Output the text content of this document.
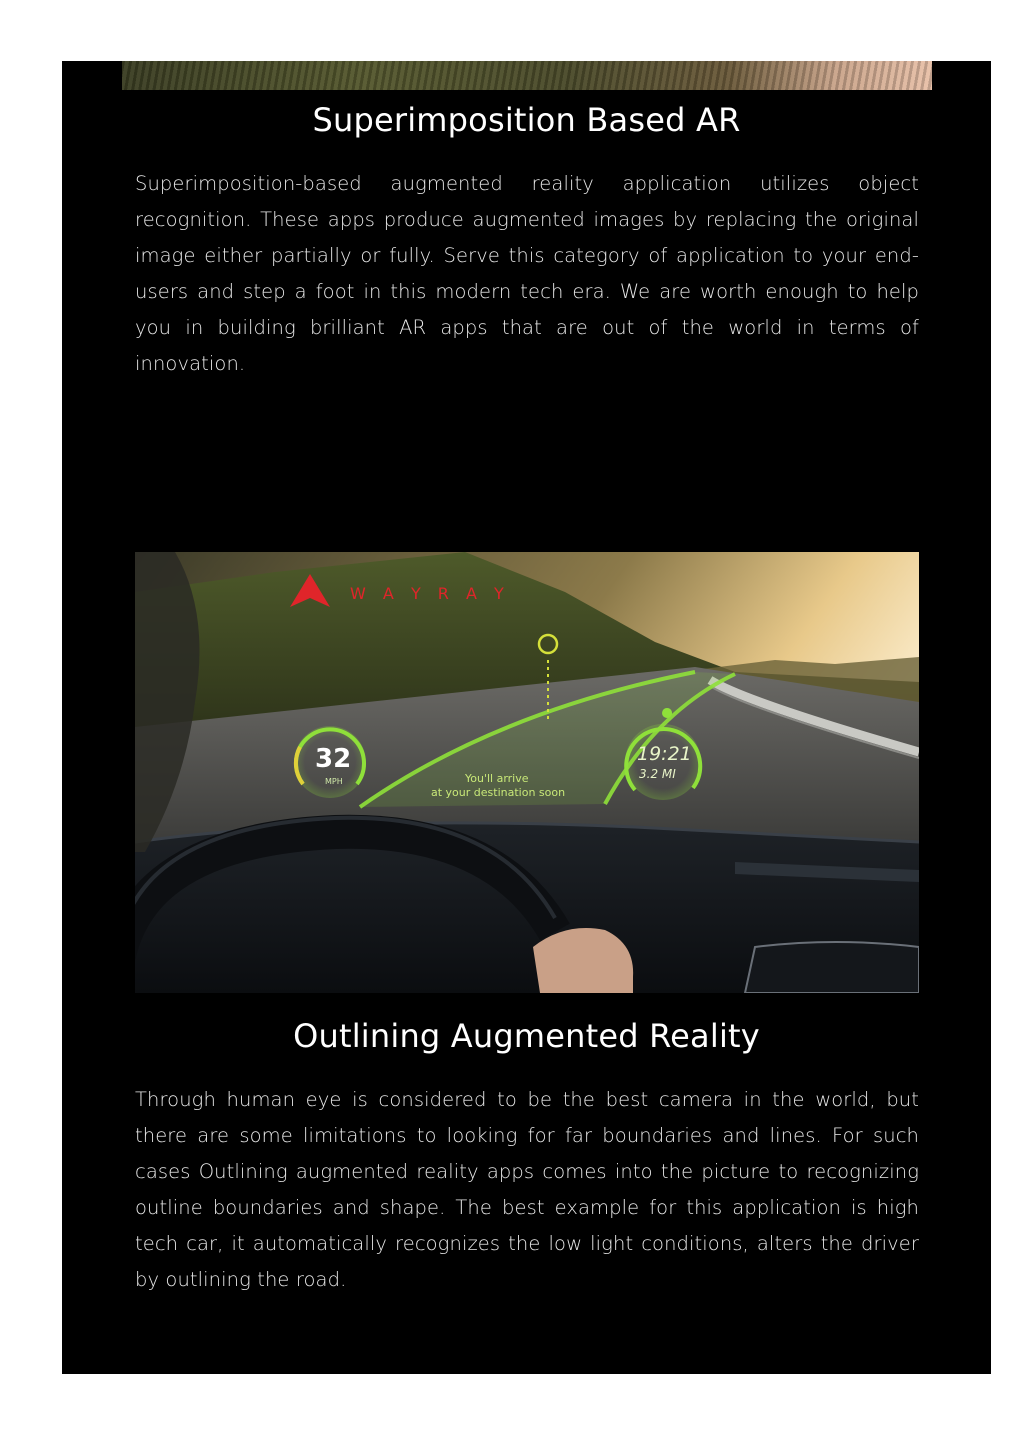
Superimposition Based AR

Superimposition-based augmented reality application utilizes object recognition. These apps produce augmented images by replacing the original image either partially or fully. Serve this category of application to your end-users and step a foot in this modern tech era. We are worth enough to help you in building brilliant AR apps that are out of the world in terms of innovation.

W A Y R A Y
32
MPH
19:21
3.2 MI
You'll arrive
at your destination soon
Outlining Augmented Reality

Through human eye is considered to be the best camera in the world, but there are some limitations to looking for far boundaries and lines. For such cases Outlining augmented reality apps comes into the picture to recognizing outline boundaries and shape. The best example for this application is high tech car, it automatically recognizes the low light conditions, alters the driver by outlining the road.
